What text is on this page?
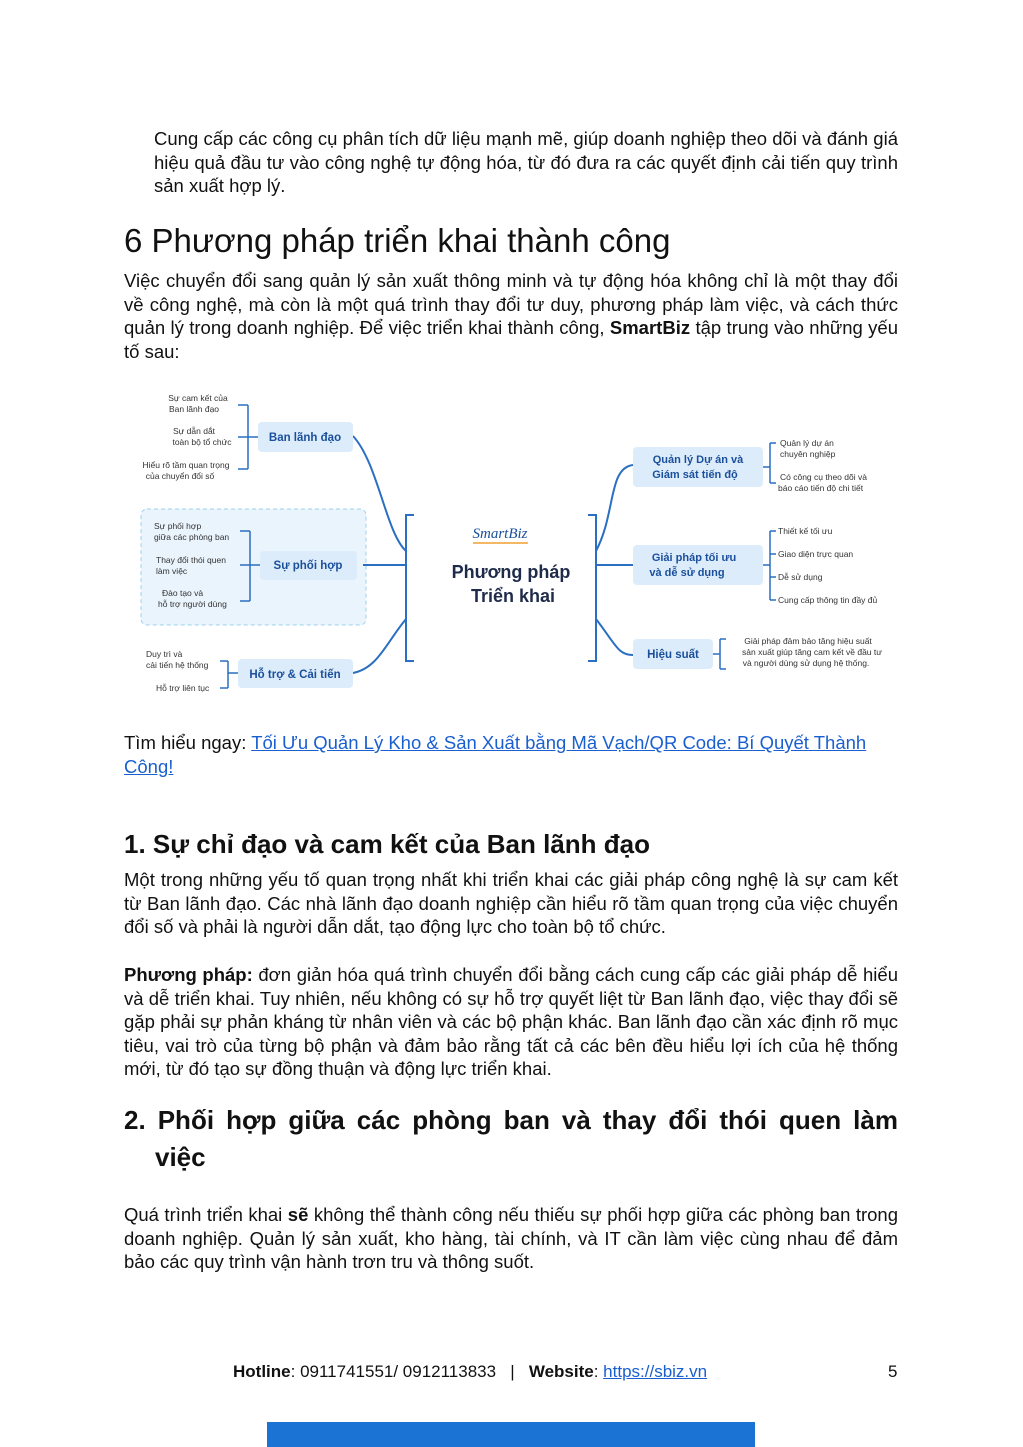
Cung cấp các công cụ phân tích dữ liệu mạnh mẽ, giúp doanh nghiệp theo dõi và đánh giá hiệu quả đầu tư vào công nghệ tự động hóa, từ đó đưa ra các quyết định cải tiến quy trình sản xuất hợp lý.

6 Phương pháp triển khai thành công

Việc chuyển đổi sang quản lý sản xuất thông minh và tự động hóa không chỉ là một thay đổi về công nghệ, mà còn là một quá trình thay đổi tư duy, phương pháp làm việc, và cách thức quản lý trong doanh nghiệp. Để việc triển khai thành công, SmartBiz tập trung vào những yếu tố sau:

SmartBiz
Phương pháp
Triển khai
Ban lãnh đạo
Sự cam kết của Ban lãnh đạo
Sự dẫn dắt toàn bộ tổ chức
Hiểu rõ tầm quan trọng của chuyển đổi số
Sự phối hợp
Sự phối hợp giữa các phòng ban
Thay đổi thói quen làm việc
Đào tạo và hỗ trợ người dùng
Hỗ trợ & Cải tiến
Duy trì và cải tiến hệ thống
Hỗ trợ liên tục
Quản lý Dự án và Giám sát tiến độ
Quản lý dự án chuyên nghiệp
Có công cụ theo dõi và báo cáo tiến độ chi tiết
Giải pháp tối ưu và dễ sử dụng
Thiết kế tối ưu
Giao diện trực quan
Dễ sử dụng
Cung cấp thông tin đầy đủ
Hiệu suất
Giải pháp đảm bảo tăng hiệu suất sản xuất giúp tăng cam kết về đầu tư và người dùng sử dụng hệ thống.

Tìm hiểu ngay: Tối Ưu Quản Lý Kho & Sản Xuất bằng Mã Vạch/QR Code: Bí Quyết Thành Công!

1. Sự chỉ đạo và cam kết của Ban lãnh đạo

Một trong những yếu tố quan trọng nhất khi triển khai các giải pháp công nghệ là sự cam kết từ Ban lãnh đạo. Các nhà lãnh đạo doanh nghiệp cần hiểu rõ tầm quan trọng của việc chuyển đổi số và phải là người dẫn dắt, tạo động lực cho toàn bộ tổ chức.

Phương pháp: đơn giản hóa quá trình chuyển đổi bằng cách cung cấp các giải pháp dễ hiểu và dễ triển khai. Tuy nhiên, nếu không có sự hỗ trợ quyết liệt từ Ban lãnh đạo, việc thay đổi sẽ gặp phải sự phản kháng từ nhân viên và các bộ phận khác. Ban lãnh đạo cần xác định rõ mục tiêu, vai trò của từng bộ phận và đảm bảo rằng tất cả các bên đều hiểu lợi ích của hệ thống mới, từ đó tạo sự đồng thuận và động lực triển khai.

2. Phối hợp giữa các phòng ban và thay đổi thói quen làm
việc

Quá trình triển khai sẽ không thể thành công nếu thiếu sự phối hợp giữa các phòng ban trong doanh nghiệp. Quản lý sản xuất, kho hàng, tài chính, và IT cần làm việc cùng nhau để đảm bảo các quy trình vận hành trơn tru và thông suốt.

Hotline: 0911741551/ 0912113833 | Website: https://sbiz.vn	5
